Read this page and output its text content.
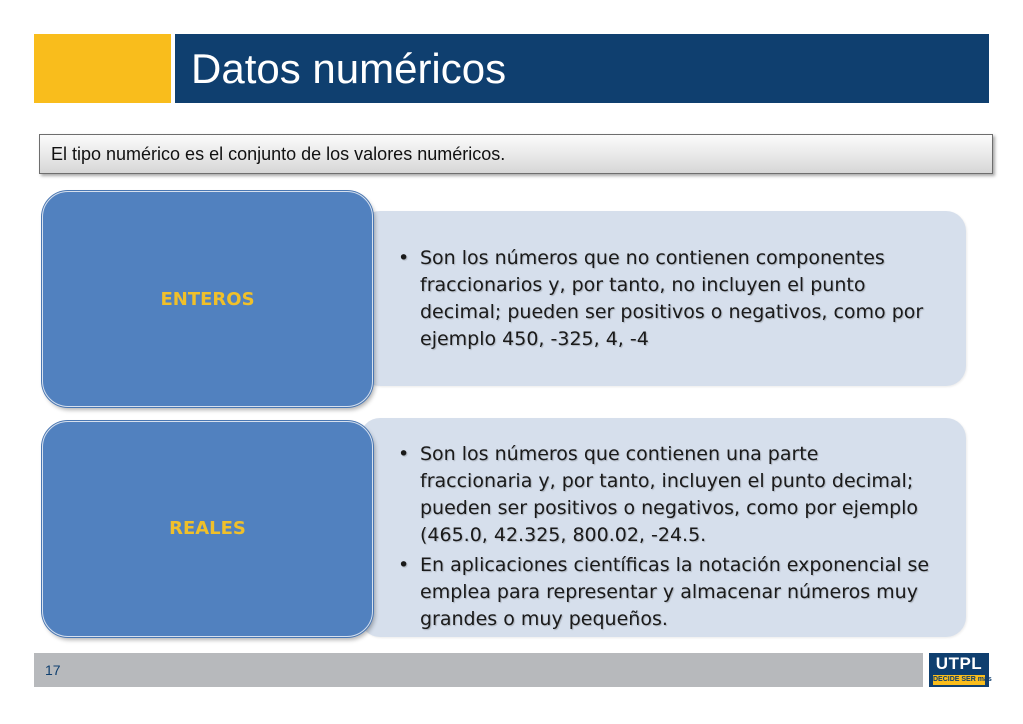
Datos numéricos
El tipo numérico es el conjunto de los valores numéricos.
• Son los números que no contienen componentes fraccionarios y, por tanto, no incluyen el punto decimal; pueden ser positivos o negativos, como por ejemplo 450, -325, 4, -4
ENTEROS
• Son los números que contienen una parte fraccionaria y, por tanto, incluyen el punto decimal; pueden ser positivos o negativos, como por ejemplo (465.0, 42.325, 800.02, -24.5.
• En aplicaciones científicas la notación exponencial se emplea para representar y almacenar números muy grandes o muy pequeños.
REALES
17	UTPL
DECIDE SER más
